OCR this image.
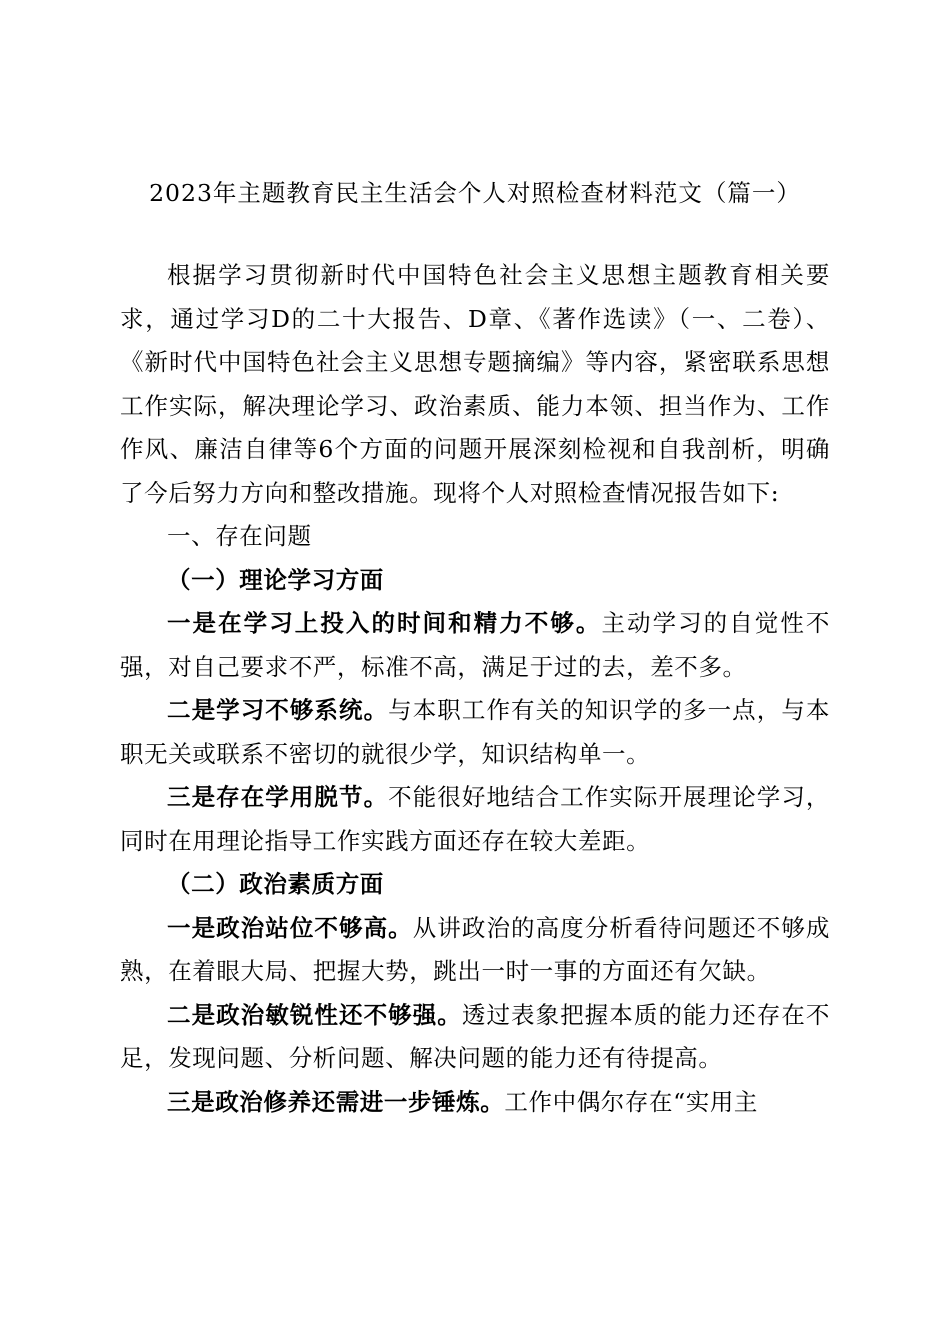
2023年主题教育民主生活会个人对照检查材料范文（篇一）

根据学习贯彻新时代中国特色社会主义思想主题教育相关要求，通过学习D的二十大报告、D章、《著作选读》（一、二卷）、《新时代中国特色社会主义思想专题摘编》等内容，紧密联系思想工作实际，解决理论学习、政治素质、能力本领、担当作为、工作作风、廉洁自律等6个方面的问题开展深刻检视和自我剖析，明确了今后努力方向和整改措施。现将个人对照检查情况报告如下:

一、存在问题

（一）理论学习方面

一是在学习上投入的时间和精力不够。主动学习的自觉性不强，对自己要求不严，标准不高，满足于过的去，差不多。

二是学习不够系统。与本职工作有关的知识学的多一点，与本职无关或联系不密切的就很少学，知识结构单一。

三是存在学用脱节。不能很好地结合工作实际开展理论学习，同时在用理论指导工作实践方面还存在较大差距。

（二）政治素质方面

一是政治站位不够高。从讲政治的高度分析看待问题还不够成熟，在着眼大局、把握大势，跳出一时一事的方面还有欠缺。

二是政治敏锐性还不够强。透过表象把握本质的能力还存在不足，发现问题、分析问题、解决问题的能力还有待提高。

三是政治修养还需进一步锤炼。工作中偶尔存在“实用主
